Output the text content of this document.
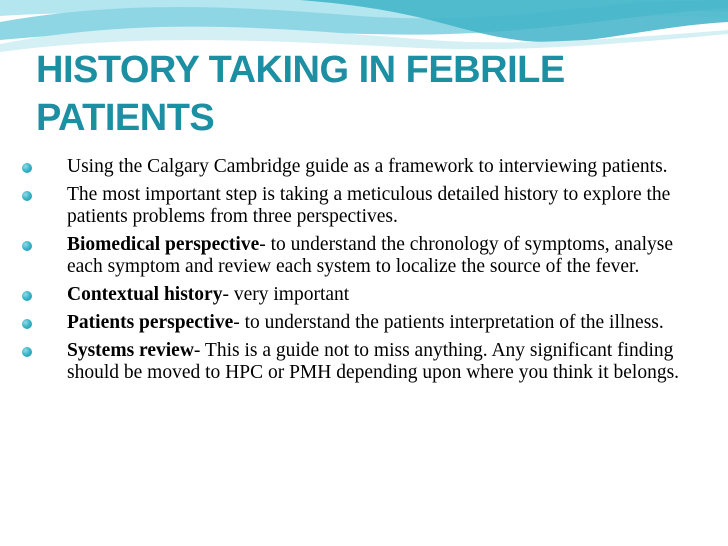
HISTORY TAKING IN FEBRILE PATIENTS
Using the Calgary Cambridge guide as a framework to interviewing patients.
The most important step is taking a meticulous detailed history to explore the patients problems from three perspectives.
Biomedical perspective- to understand the chronology of symptoms, analyse each symptom and review each system to localize the source of the fever.
Contextual history- very important
Patients perspective- to understand the patients interpretation of the illness.
Systems review- This is a guide not to miss anything. Any significant finding should be moved to HPC or PMH depending upon where you think it belongs.
